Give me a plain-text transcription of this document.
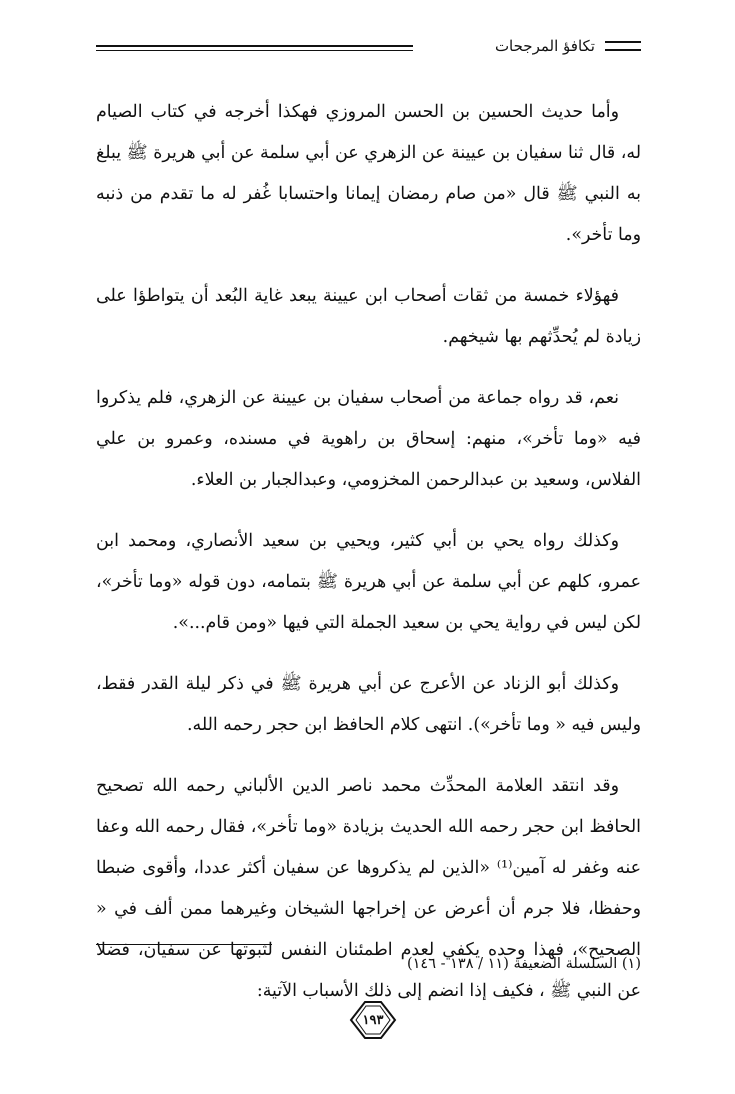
تكافؤ المرجحات

وأما حديث الحسين بن الحسن المروزي فهكذا أخرجه في كتاب الصيام له، قال ثنا سفيان بن عيينة عن الزهري عن أبي سلمة عن أبي هريرة ﷺ يبلغ به النبي ﷺ قال «من صام رمضان إيمانا واحتسابا غُفر له ما تقدم من ذنبه وما تأخر».

فهؤلاء خمسة من ثقات أصحاب ابن عيينة يبعد غاية البُعد أن يتواطؤا على زيادة لم يُحدِّثهم بها شيخهم.

نعم، قد رواه جماعة من أصحاب سفيان بن عيينة عن الزهري، فلم يذكروا فيه «وما تأخر»، منهم: إسحاق بن راهوية في مسنده، وعمرو بن علي الفلاس، وسعيد بن عبدالرحمن المخزومي، وعبدالجبار بن العلاء.

وكذلك رواه يحي بن أبي كثير، ويحيي بن سعيد الأنصاري، ومحمد ابن عمرو، كلهم عن أبي سلمة عن أبي هريرة ﷺ بتمامه، دون قوله «وما تأخر»، لكن ليس في رواية يحي بن سعيد الجملة التي فيها «ومن قام...».

وكذلك أبو الزناد عن الأعرج عن أبي هريرة ﷺ في ذكر ليلة القدر فقط، وليس فيه « وما تأخر»). انتهى كلام الحافظ ابن حجر رحمه الله.

وقد انتقد العلامة المحدِّث محمد ناصر الدين الألباني رحمه الله تصحيح الحافظ ابن حجر رحمه الله الحديث بزيادة «وما تأخر»، فقال رحمه الله وعفا عنه وغفر له آمين⁽¹⁾ «الذين لم يذكروها عن سفيان أكثر عددا، وأقوى ضبطا وحفظا، فلا جرم أن أعرض عن إخراجها الشيخان وغيرهما ممن ألف في « الصحيح»، فهذا وحده يكفي لعدم اطمئنان النفس لثبوتها عن سفيان، فضلا عن النبي ﷺ ، فكيف إذا انضم إلى ذلك الأسباب الآتية:

(١) السلسلة الضعيفة (١١ / ١٣٨ - ١٤٦)
١٩٣
